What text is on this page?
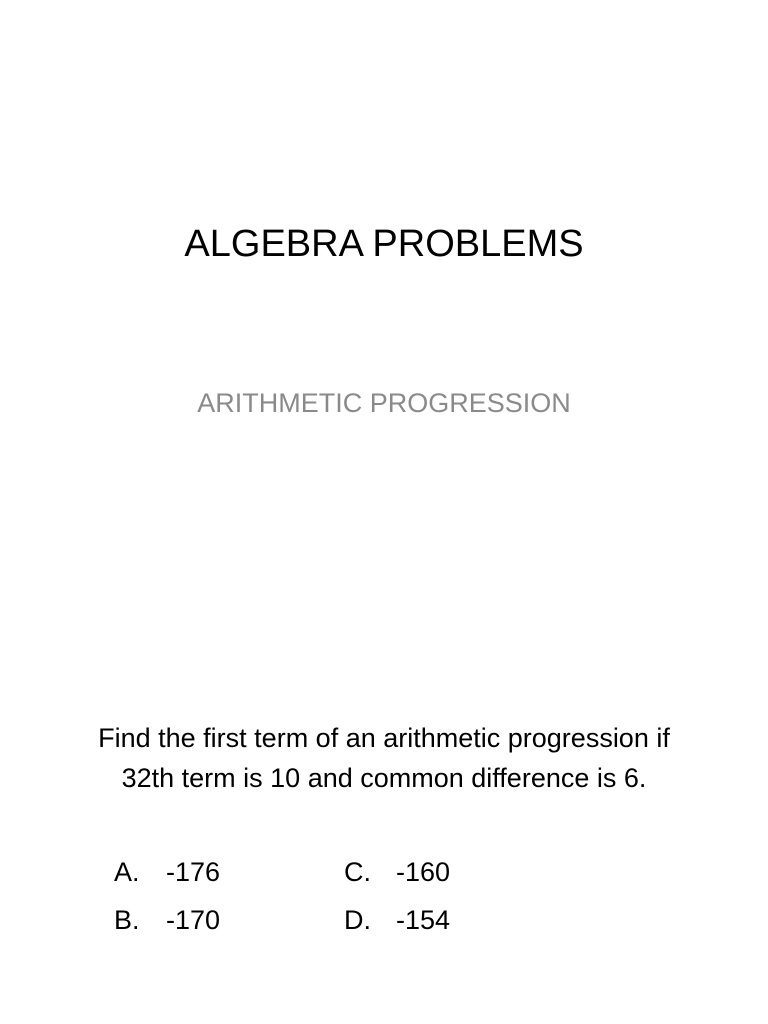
ALGEBRA PROBLEMS
ARITHMETIC PROGRESSION
Find the first term of an arithmetic progression if
32th term is 10 and common difference is 6.
A. -176
B. -170
C. -160
D. -154
